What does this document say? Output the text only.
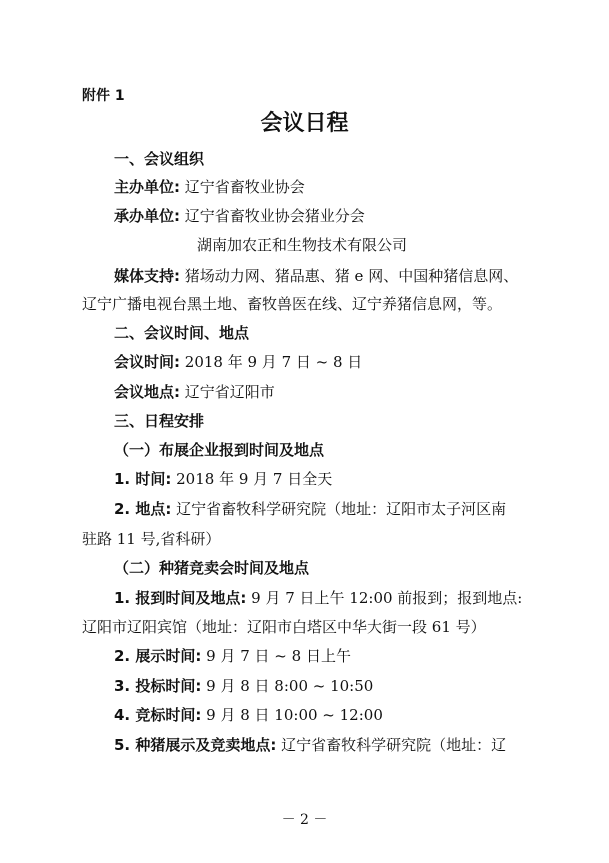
附件 1
会议日程
一、会议组织
主办单位: 辽宁省畜牧业协会
承办单位: 辽宁省畜牧业协会猪业分会
湖南加农正和生物技术有限公司
媒体支持: 猪场动力网、猪品惠、猪 e 网、中国种猪信息网、
辽宁广播电视台黑土地、畜牧兽医在线、辽宁养猪信息网，等。
二、会议时间、地点
会议时间: 2018 年 9 月 7 日 ~ 8 日
会议地点: 辽宁省辽阳市
三、日程安排
（一）布展企业报到时间及地点
1. 时间: 2018 年 9 月 7 日全天
2. 地点: 辽宁省畜牧科学研究院（地址：辽阳市太子河区南
驻路 11 号,省科研）
（二）种猪竞卖会时间及地点
1. 报到时间及地点: 9 月 7 日上午 12:00 前报到；报到地点:
辽阳市辽阳宾馆（地址：辽阳市白塔区中华大街一段 61 号）
2. 展示时间: 9 月 7 日 ~ 8 日上午
3. 投标时间: 9 月 8 日 8:00 ~ 10:50
4. 竞标时间: 9 月 8 日 10:00 ~ 12:00
5. 种猪展示及竞卖地点: 辽宁省畜牧科学研究院（地址：辽
－ 2 －
